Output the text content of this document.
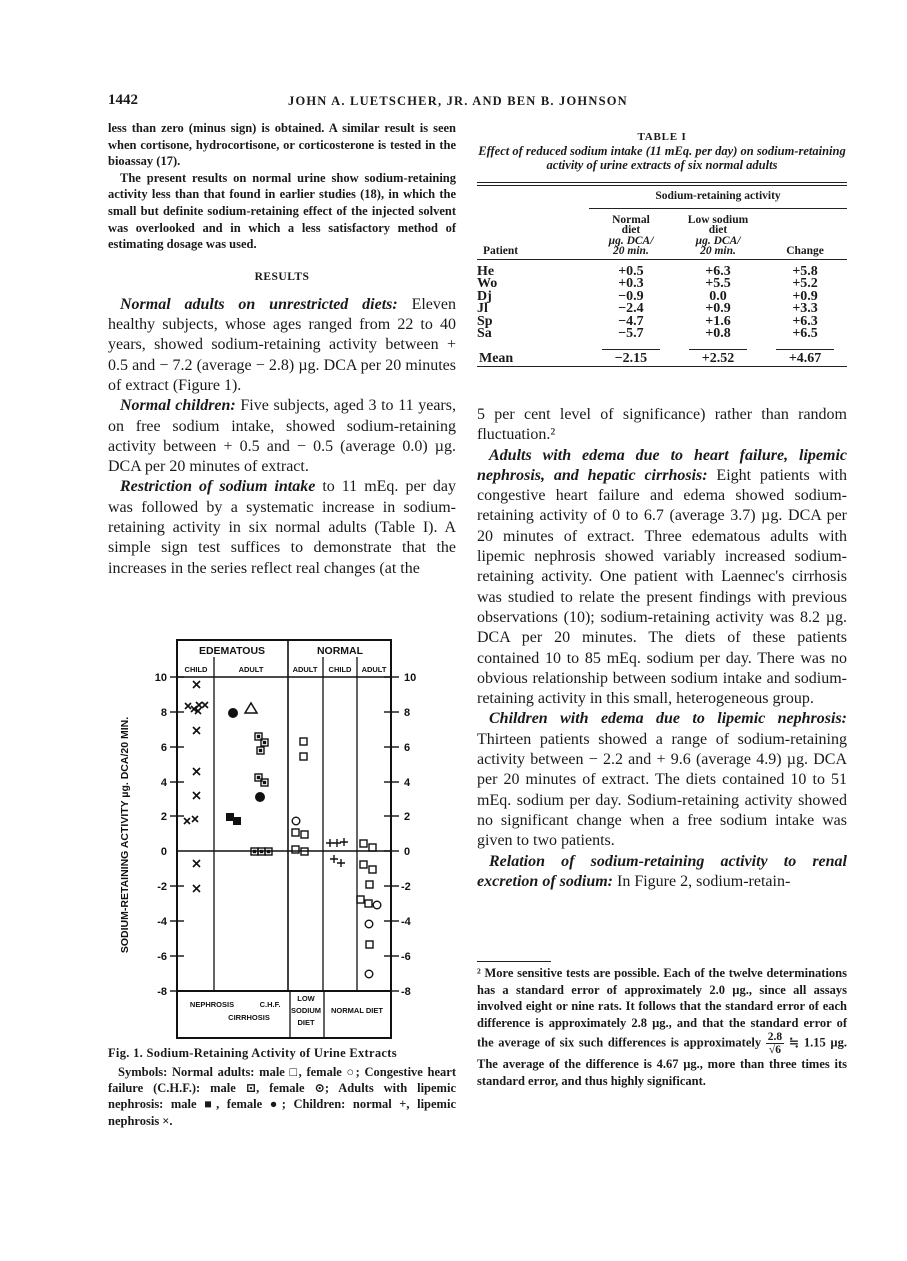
1442	JOHN A. LUETSCHER, JR. AND BEN B. JOHNSON

less than zero (minus sign) is obtained. A similar result is seen when cortisone, hydrocortisone, or corticosterone is tested in the bioassay (17).

The present results on normal urine show sodium-retaining activity less than that found in earlier studies (18), in which the small but definite sodium-retaining effect of the injected solvent was overlooked and in which a less satisfactory method of estimating dosage was used.

RESULTS

Normal adults on unrestricted diets: Eleven healthy subjects, whose ages ranged from 22 to 40 years, showed sodium-retaining activity between + 0.5 and − 7.2 (average − 2.8) µg. DCA per 20 minutes of extract (Figure 1).

Normal children: Five subjects, aged 3 to 11 years, on free sodium intake, showed sodium-retaining activity between + 0.5 and − 0.5 (average 0.0) µg. DCA per 20 minutes of extract.

Restriction of sodium intake to 11 mEq. per day was followed by a systematic increase in sodium-retaining activity in six normal adults (Table I). A simple sign test suffices to demonstrate that the increases in the series reflect real changes (at the

TABLE I
Effect of reduced sodium intake (11 mEq. per day) on sodium-retaining activity of urine extracts of six normal adults
	Sodium-retaining activity		

Patient	
Normal
diet
µg. DCA/
20 min.

Low sodium
diet
µg. DCA/
20 min.	Change

He	+0.5	+6.3	+5.8
Wo	+0.3	+5.5	+5.2
Dj	−0.9	0.0	+0.9
Jl	−2.4	+0.9	+3.3
Sp	−4.7	+1.6	+6.3
Sa	−5.7	+0.8	+6.5

Mean	−2.15	+2.52	+4.67

5 per cent level of significance) rather than random fluctuation.²

Adults with edema due to heart failure, lipemic nephrosis, and hepatic cirrhosis: Eight patients with congestive heart failure and edema showed sodium-retaining activity of 0 to 6.7 (average 3.7) µg. DCA per 20 minutes of extract. Three edematous adults with lipemic nephrosis showed variably increased sodium-retaining activity. One patient with Laennec's cirrhosis was studied to relate the present findings with previous observations (10); sodium-retaining activity was 8.2 µg. DCA per 20 minutes. The diets of these patients contained 10 to 85 mEq. sodium per day. There was no obvious relationship between sodium intake and sodium-retaining activity in this small, heterogeneous group.

Children with edema due to lipemic nephrosis: Thirteen patients showed a range of sodium-retaining activity between − 2.2 and + 9.6 (average 4.9) µg. DCA per 20 minutes of extract. The diets contained 10 to 51 mEq. sodium per day. Sodium-retaining activity showed no significant change when a free sodium intake was given to two patients.

Relation of sodium-retaining activity to renal excretion of sodium: In Figure 2, sodium-retain-

² More sensitive tests are possible. Each of the twelve determinations has a standard error of approximately 2.0 µg., since all assays involved eight or nine rats. It follows that the standard error of each difference is approximately 2.8 µg., and that the standard error of the average of six such differences is approximately $\frac{2.8}{√6}$ ≒ 1.15 µg. The average of the difference is 4.67 µg., more than three times its standard error, and thus highly significant.
10
8
6
4
2
0
-2
-4
-6
-8
10
8
6
4
2
0
-2
-4
-6
-8
SODIUM-RETAINING ACTIVITY µg. DCA/20 MIN.
EDEMATOUS	NORMAL
CHILD	ADULT	ADULT CHILD ADULT
NEPHROSIS	C.H.F.
CIRRHOSIS
LOW
SODIUM
DIET
NORMAL DIET
Fig. 1. Sodium-Retaining Activity of Urine Extracts
Symbols: Normal adults: male □, female ○; Congestive heart failure (C.H.F.): male ⊡, female ⊙; Adults with lipemic nephrosis: male ■, female ●; Children: normal +, lipemic nephrosis ×.
